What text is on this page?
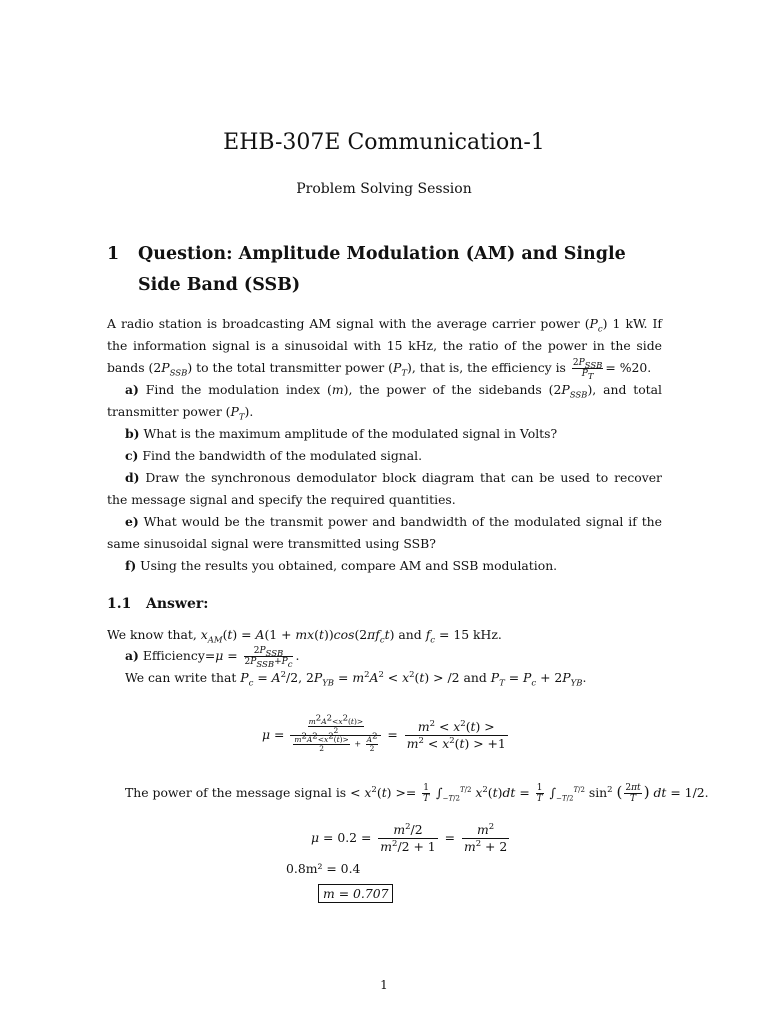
EHB-307E Communication-1
Problem Solving Session
1	Question: Amplitude Modulation (AM) and Single Side Band (SSB)

A radio station is broadcasting AM signal with the average carrier power $(P_c)$ 1 kW. If the information signal is a sinusoidal with 15 kHz, the ratio of the power in the side bands $(2P_{SSB})$ to the total transmitter power $(P_T)$, that is, the efficiency is $\frac{2P_{SSB}}{P_T} = \%20$.

a) Find the modulation index (m), the power of the sidebands $(2P_{SSB})$, and total transmitter power $(P_T)$.

b) What is the maximum amplitude of the modulated signal in Volts?

c) Find the bandwidth of the modulated signal.

d) Draw the synchronous demodulator block diagram that can be used to recover the message signal and specify the required quantities.

e) What would be the transmit power and bandwidth of the modulated signal if the same sinusoidal signal were transmitted using SSB?

f) Using the results you obtained, compare AM and SSB modulation.

1.1 Answer:
We know that, $x_{AM}(t) = A(1 + mx(t))\cos(2\pi f_ct)$ and $f_c = 15$ kHz.
a) Efficiency=μ = $\frac{2P_{SSB}}{2P_{SSB}+P_c}$ .
We can write that $P_c = A^2/2$, $2P_{YB} = m^2A^2 < x^2(t) > /2$ and $P_T = P_c + 2P_{YB}$.
$\mu = \frac{\frac{m^2A^2<x^2(t)>}{2}}{\frac{m^2A^2<x^2(t)>}{2} + \frac{A^2}{2}} = \frac{m^2 < x^2(t) >}{m^2 < x^2(t) > +1}$
The power of the message signal is < $x^2(t) >= \frac{1}{T} \int_{-T/2}^{T/2}$ $x^2(t)dt = \frac{1}{T} \int_{-T/2}^{T/2}$ $\sin^2$ ( $\frac{2\pi t}{T}$ ) dt = 1/2.
$\mu = 0.2 = \frac{m^2/2}{m^2/2 + 1} = \frac{m^2}{m^2 + 2}$
0.8m² = 0.4
m = 0.707
1
